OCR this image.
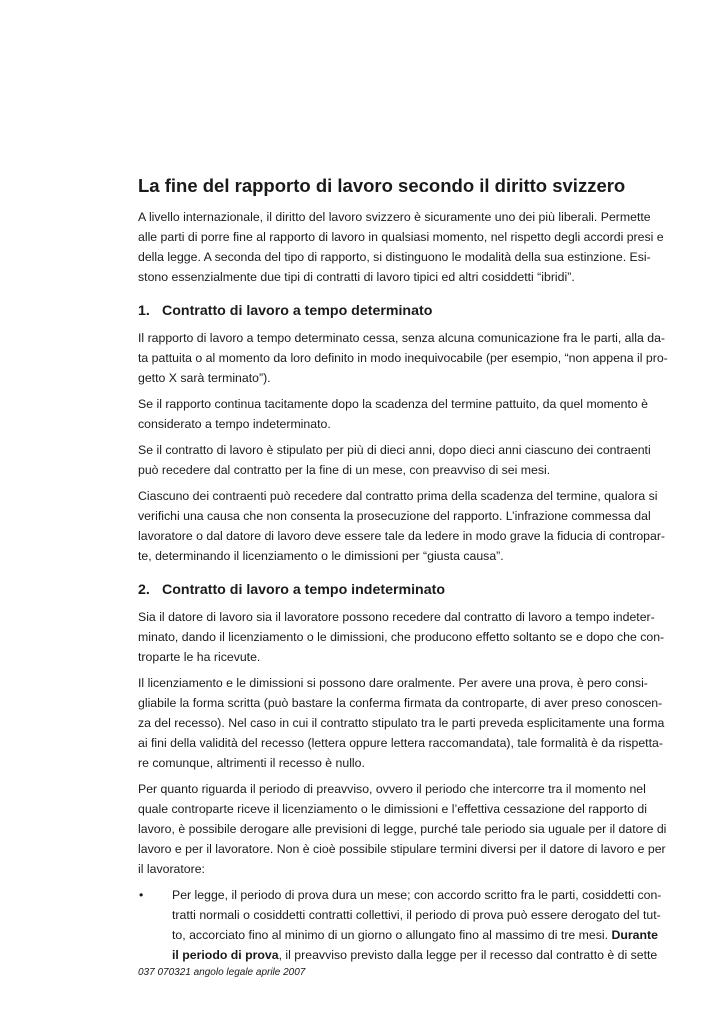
La fine del rapporto di lavoro secondo il diritto svizzero

A livello internazionale, il diritto del lavoro svizzero è sicuramente uno dei più liberali. Permette
alle parti di porre fine al rapporto di lavoro in qualsiasi momento, nel rispetto degli accordi presi e
della legge. A seconda del tipo di rapporto, si distinguono le modalità della sua estinzione. Esi-
stono essenzialmente due tipi di contratti di lavoro tipici ed altri cosiddetti “ibridi”.

1. Contratto di lavoro a tempo determinato

Il rapporto di lavoro a tempo determinato cessa, senza alcuna comunicazione fra le parti, alla da-
ta pattuita o al momento da loro definito in modo inequivocabile (per esempio, “non appena il pro-
getto X sarà terminato”).

Se il rapporto continua tacitamente dopo la scadenza del termine pattuito, da quel momento è
considerato a tempo indeterminato.

Se il contratto di lavoro è stipulato per più di dieci anni, dopo dieci anni ciascuno dei contraenti
può recedere dal contratto per la fine di un mese, con preavviso di sei mesi.

Ciascuno dei contraenti può recedere dal contratto prima della scadenza del termine, qualora si
verifichi una causa che non consenta la prosecuzione del rapporto. L’infrazione commessa dal
lavoratore o dal datore di lavoro deve essere tale da ledere in modo grave la fiducia di contropar-
te, determinando il licenziamento o le dimissioni per “giusta causa”.

2. Contratto di lavoro a tempo indeterminato

Sia il datore di lavoro sia il lavoratore possono recedere dal contratto di lavoro a tempo indeter-
minato, dando il licenziamento o le dimissioni, che producono effetto soltanto se e dopo che con-
troparte le ha ricevute.

Il licenziamento e le dimissioni si possono dare oralmente. Per avere una prova, è pero consi-
gliabile la forma scritta (può bastare la conferma firmata da controparte, di aver preso conoscen-
za del recesso). Nel caso in cui il contratto stipulato tra le parti preveda esplicitamente una forma
ai fini della validità del recesso (lettera oppure lettera raccomandata), tale formalità è da rispetta-
re comunque, altrimenti il recesso è nullo.

Per quanto riguarda il periodo di preavviso, ovvero il periodo che intercorre tra il momento nel
quale controparte riceve il licenziamento o le dimissioni e l’effettiva cessazione del rapporto di
lavoro, è possibile derogare alle previsioni di legge, purché tale periodo sia uguale per il datore di
lavoro e per il lavoratore. Non è cioè possibile stipulare termini diversi per il datore di lavoro e per
il lavoratore:

• Per legge, il periodo di prova dura un mese; con accordo scritto fra le parti, cosiddetti con-
tratti normali o cosiddetti contratti collettivi, il periodo di prova può essere derogato del tut-
to, accorciato fino al minimo di un giorno o allungato fino al massimo di tre mesi. Durante
il periodo di prova, il preavviso previsto dalla legge per il recesso dal contratto è di sette
037 070321 angolo legale aprile 2007
